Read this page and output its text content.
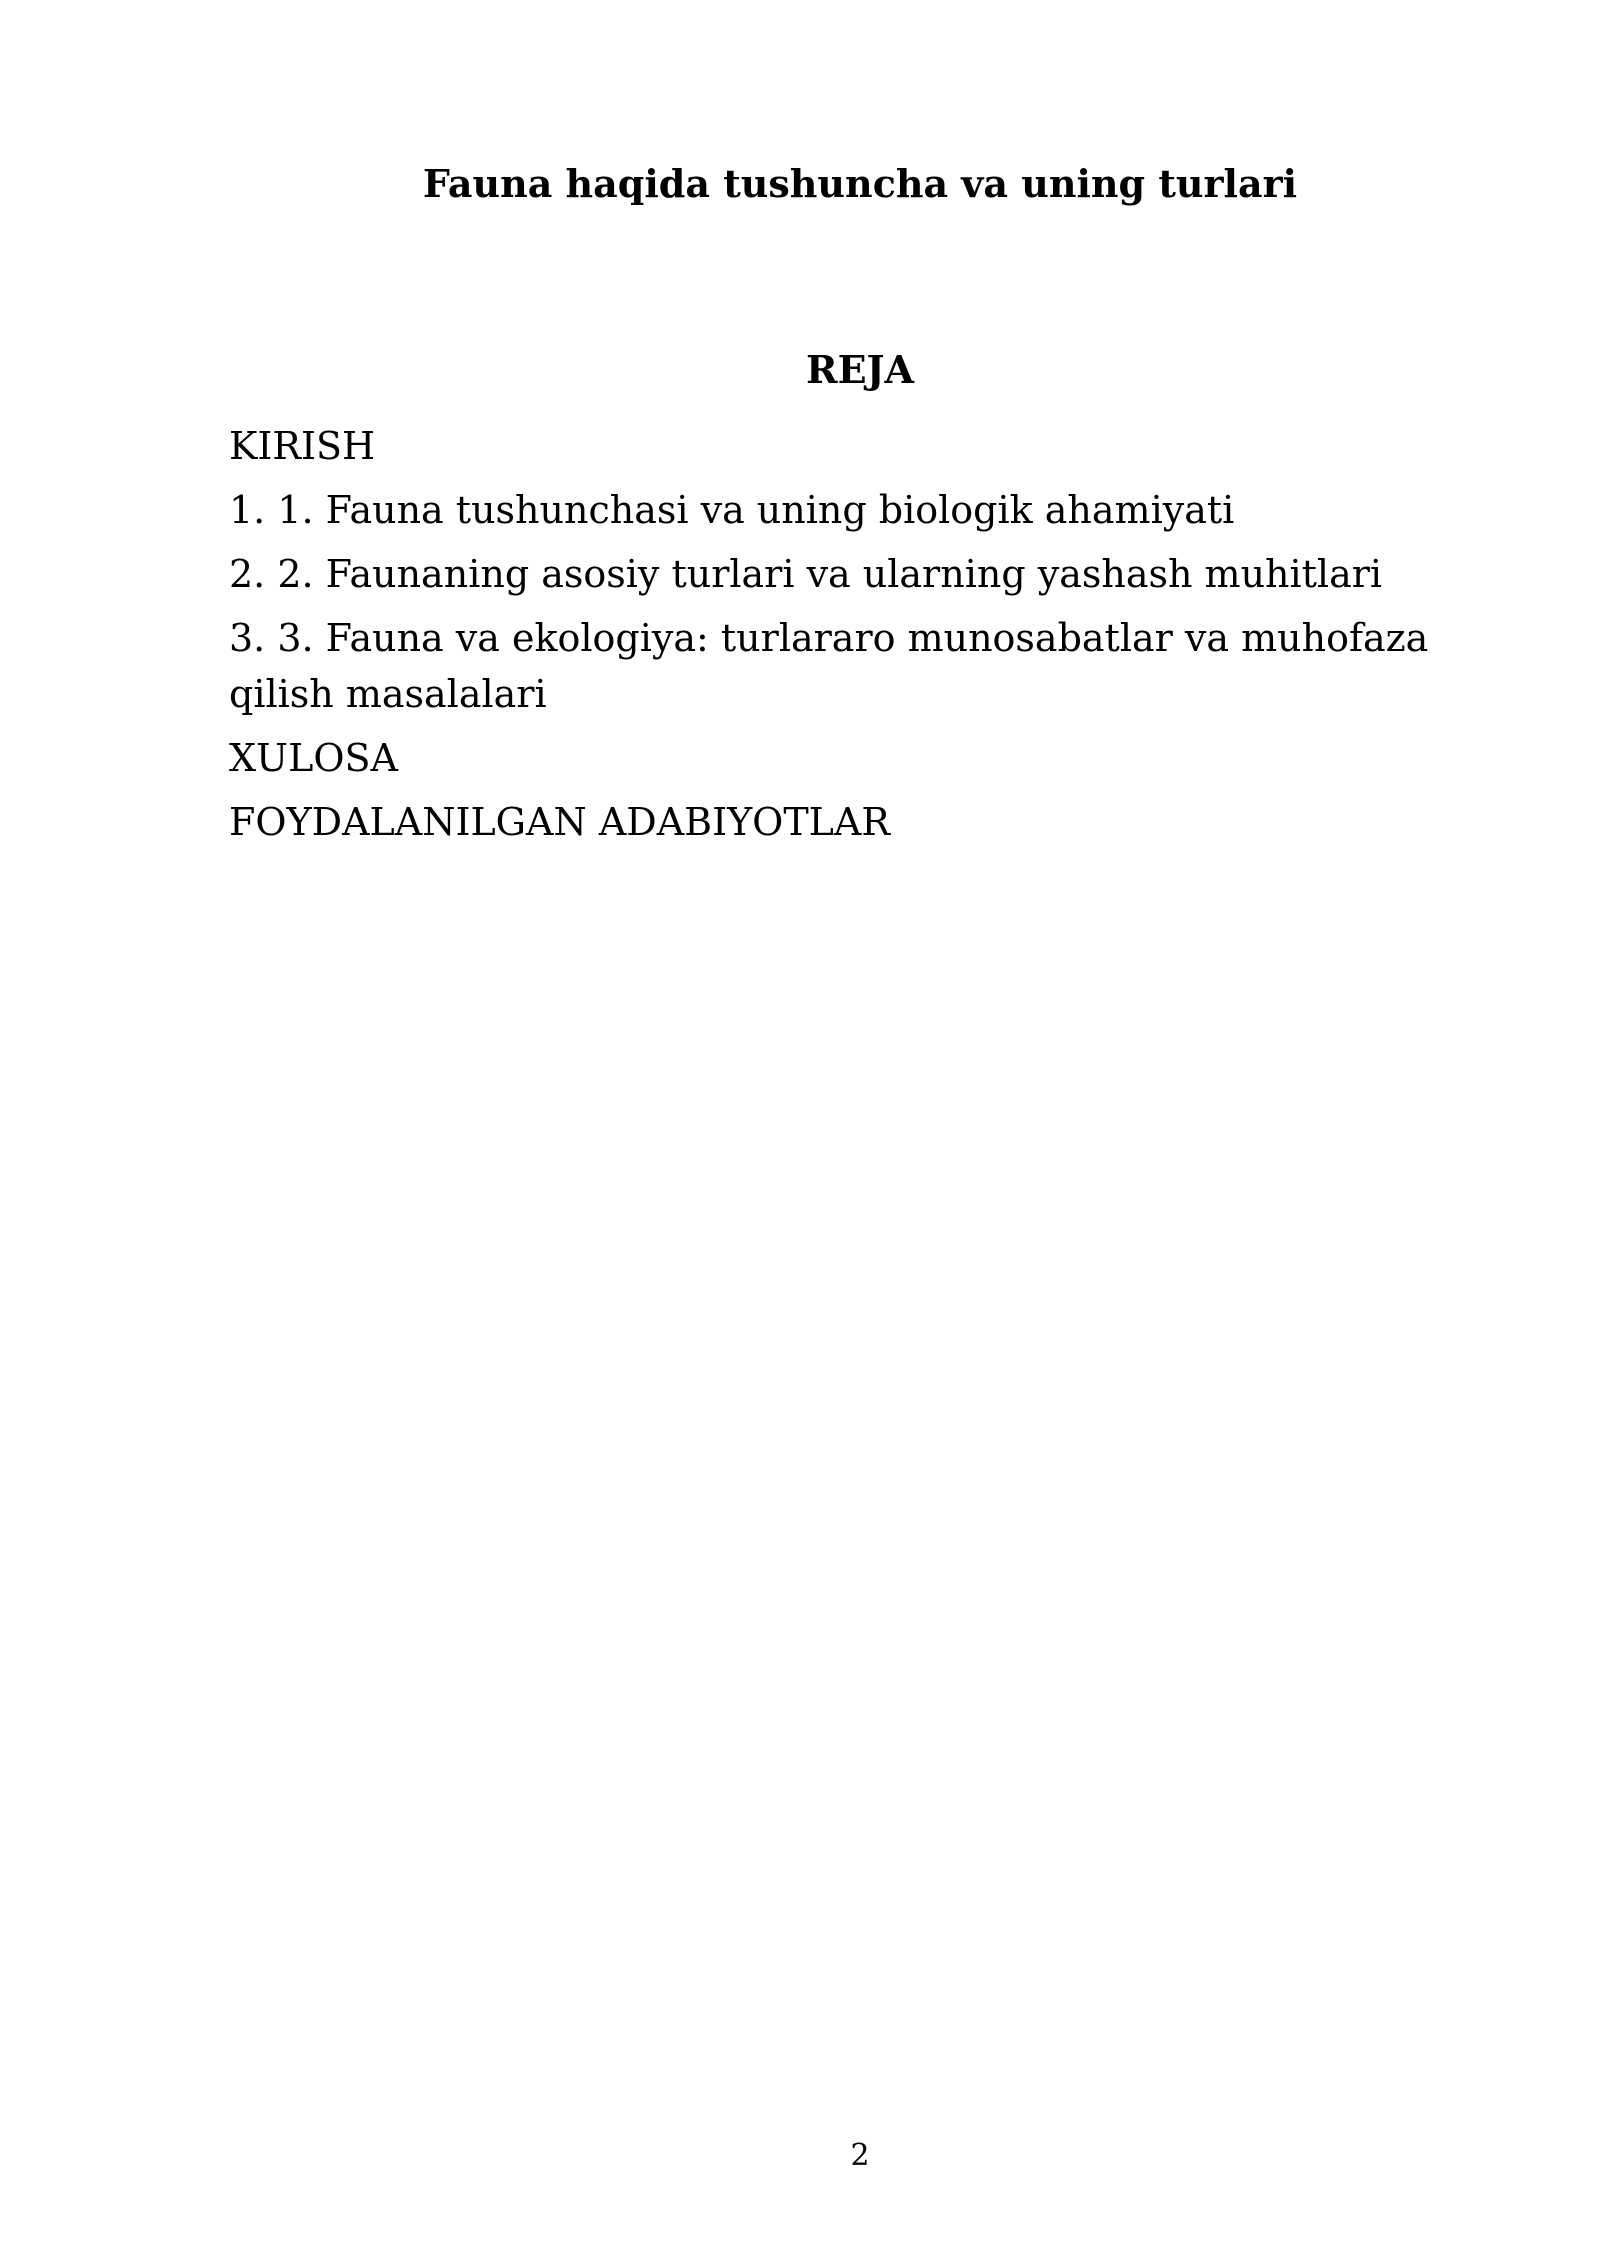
Fauna haqida tushuncha va uning turlari
REJA
KIRISH
1. 1. Fauna tushunchasi va uning biologik ahamiyati
2. 2. Faunaning asosiy turlari va ularning yashash muhitlari
3. 3. Fauna va ekologiya: turlararo munosabatlar va muhofaza qilish masalalari
XULOSA
FOYDALANILGAN ADABIYOTLAR
2
